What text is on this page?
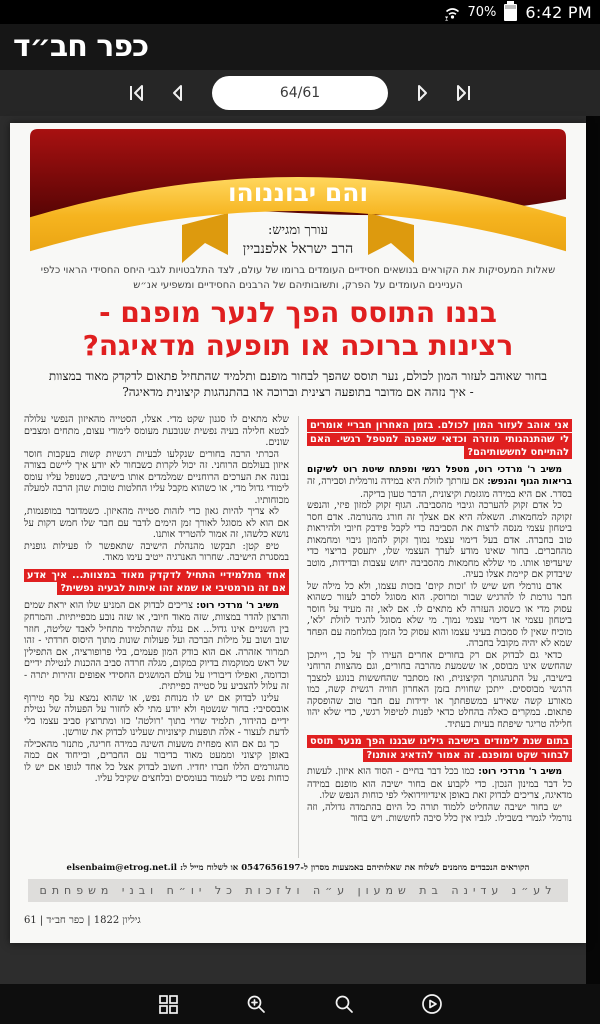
70% 6:42 PM
כפר חב״ד
64/61
והם יבוננוהו
עורך ומגיש:
הרב ישראל אלפנביין
שאלות המעסיקות את הקוראים בנושאים חסידיים העומדים ברומו של עולם, לצד התלבטויות לגבי היחס החסידי הראוי כלפי העניינים העומדים על הפרק, ותשובותיהם של הרבנים החסידיים ומשפיעי אנ״ש
בננו התוסס הפך לנער מופנם -
רצינות ברוכה או תופעה מדאיגה?
בחור שאוהב לעזור המון לכולם, נער תוסס שהפך לבחור מופנם ותלמיד שהתחיל פתאום לדקדק מאוד במצוות - איך נזהה אם מדובר בתופעה רצינית וברוכה או בהתנהגות קיצונית מדאיגה?
אני אוהב לעזור המון לכולם. בזמן האחרון חבריי אומרים לי שהתנהגותי מוזרה וכדאי שאפנה למטפל רגשי. האם להתייחס לחששותיהם?
משיב ר' מרדכי רוט, מטפל רגשי ומפתח שיטת רוט לשיקום בריאות הגוף והנפש: אם עזרתך לזולת היא במידה נורמלית וסבירה, זה בסדר. אם היא במידה מוגזמת וקיצונית, הדבר טעון בדיקה.
כל אדם זקוק להערכה וגיבוי מהסביבה. הגוף זקוק למזון פיזי, והנפש זקוקה למחמאות. השאלה היא אם אצלך זה חורג מהנורמה. אדם חסר ביטחון עצמי מנסה לרצות את הסביבה כדי לקבל פידבק חיובי ולהיראות טוב בחברה. אדם בעל דימוי עצמי נמוך זקוק להמון גיבוי ומחמאות מהחברים. בחור שאינו מודע לערך העצמי שלו, יתעסק בריצוי כדי שיעדיפו אותו. מי שללא מחמאות מהסביבה יחוש עצבות ובדידות, מוטב שיבדוק אם קיימת אצלו בעיה.
אדם נורמלי חש שיש לו 'זכות קיום' בזכות עצמו, ולא כל מילה של חבר גורמת לו להרגיש שבור ומרוסק. הוא מסוגל לסרב לעזור כשהוא עסוק מדי או כשסוג העזרה לא מתאים לו. אם לאו, זה מעיד על חוסר ביטחון עצמי או דימוי עצמי נמוך. מי שלא מסוגל להגיד לזולת 'לא', מוכיח שאין לו סמכות בעיני עצמו והוא עסוק כל הזמן במלחמה עם הפחד שמא לא יהיה מקובל בחברה.
כדאי גם לבדוק אם רק בחורים אחרים העירו לך על כך, וייתכן שהחשש אינו מבוסס, או ששמעת מהרבה בחורים, וגם מהצוות הרוחני בישיבה, על התנהגותך הקיצונית, ואז מסתבר שהחששות בנוגע למצבך הרגשי מבוססים. ייתכן שחווית בזמן האחרון חוויה רגשית קשה, כמו מאורע קשה שאירע במשפחתך או ידידות עם חבר טוב שהופסקה פתאום. במקרים כאלה בהחלט כדאי לפנות לטיפול רגשי, כדי שלא יהוו חלילה טריגר שיפתח בעיות בעתיד.
בתום שנת לימודים בישיבה גילינו שבננו הפך מנער תוסס לבחור שקט ומופנם. זה אמור להדאיג אותנו?
משיב ר' מרדכי רוט: כמו בכל דבר בחיים - הסוד הוא איזון. לעשות כל דבר במינון הנכון. כדי לקבוע אם בחור ישיבה הוא מופנם במידה מדאיגה, צריכים לבדוק זאת באופן אינדיווידואלי לפי כוחות הנפש שלו.
יש בחור ישיבה שהחליט ללמוד תורה כל היום בהתמדה גדולה, וזה נורמלי לגמרי בשבילו. לגביו אין כלל סיבה לחששות. ויש בחור
שלא מתאים לו סגנון שקט מדי. אצלו, הסטייה מהאיזון הנפשי עלולה לבטא חלילה בעיה נפשית שנובעת מעומס לימודי עצום, מתחים ומצבים שונים.
הכרתי הרבה בחורים שנקלעו לבעיות רגשיות קשות בעקבות חוסר איזון בעולמם הרוחני. זה יכול לקרות כשבחור לא יודע איך ליישם בצורה נבונה את הערכים הרוחניים שמלמדים אותו בישיבה, כשנופל עליו עומס לימודי גדול מדי, או כשהוא מקבל עליו החלטות טובות שהן הרבה למעלה מכוחותיו.
לא צריך להיות גאון כדי לזהות סטייה מהאיזון. כשמדובר במופנמות, אם הוא לא מסוגל לאורך זמן הימים לדבר עם חבר שלו חמש דקות על נושא כלשהו, זה אמור להטריד אותנו.
טיפ קטן: תבקשו מהנהלת הישיבה שתאפשר לו פעילות גופנית במסגרת הישיבה. שחרור האנרגיה ייטיב עימו מאוד.
אחד מתלמידיי התחיל לדקדק מאוד במצוות... איך אדע אם זה נורמטיבי או שמא זהו איתות לבעיה נפשית?
משיב ר' מרדכי רוט: צריכים לבדוק אם המניע שלו הוא יראת שמים והרצון להדר במצוות, שזה מאוד חיובי, או שזה נובע מכפייתיות. והמרחק בין השניים אינו גדול... אם נגלה שהתלמיד מתחיל לאבד שליטה, חוזר שוב ושוב על מילות הברכה ועל פעולות שונות מתוך היסוס חרדתי - זהו תמרור אזהרה. אם הוא בודק המון פעמים, בלי פרופורציה, אם התפילין של ראש ממוקמות בדיוק במקום, מגלה חרדה סביב ההכנות לנטילת ידיים וכדומה, ואפילו דיבוריו על עולם המושגים החסידי אפופים זהירות יתרה - זה עלול להצביע על סטייה כפייתית.
עלינו לבדוק אם יש לו מנוחת נפש, או שהוא נמצא על סף טירוף אובססיבי: בחור שנשטף ולא יודע מתי לא לחזור על הפעולה של נטילת ידיים בהידור, תלמיד שרוי בתוך 'רולטה' כזו ומתרוצץ סביב עצמו בלי לדעת לעצור - אלה תופעות קיצוניות שעלינו לבדוק את שורשן.
כך גם אם הוא מפחית משעות השינה במידה חריגה, מתנזר מהאכילה באופן קיצוני וממעט מאוד בדיבור עם החברים, ובייחוד אם כמה מהגורמים הללו חברו יחדיו. חשוב לבדוק אצל כל אחד לגופו אם יש לו כוחות נפש כדי לעמוד בעומסים ובלחצים שקיבל עליו.
הקוראים הנכבדים מוזמנים לשלוח את שאלותיהם באמצעות מסרון ל-0547656197 או לשלוח מייל ל: elsenbaim@etrog.net.il
לע״נ עדינה בת שמעון ע״ה ולזכות כל יו״ח ובני משפחתם
גיליון 1822 | כפר חב״ד | 61
